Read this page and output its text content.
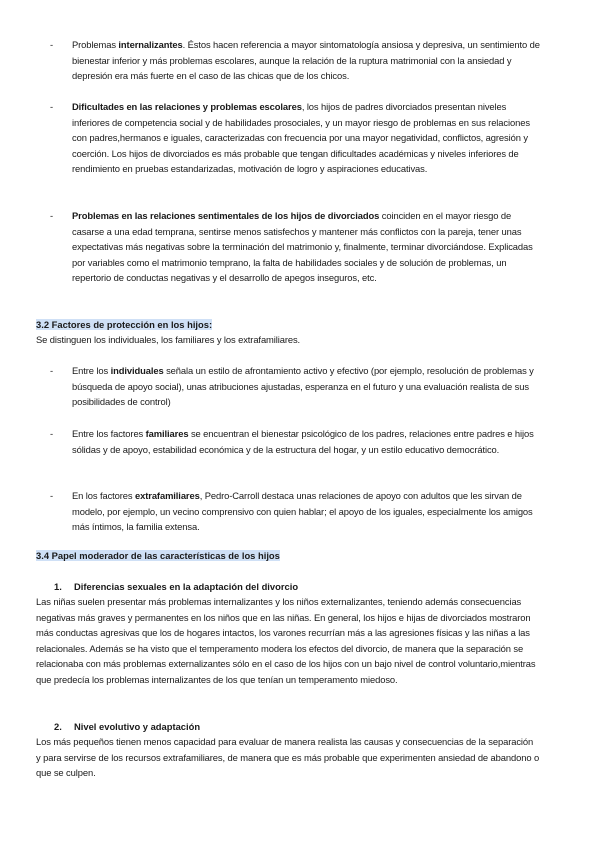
- Problemas internalizantes. Éstos hacen referencia a mayor sintomatología ansiosa y depresiva, un sentimiento de bienestar inferior y más problemas escolares, aunque la relación de la ruptura matrimonial con la ansiedad y depresión era más fuerte en el caso de las chicas que de los chicos.
- Dificultades en las relaciones y problemas escolares, los hijos de padres divorciados presentan niveles inferiores de competencia social y de habilidades prosociales, y un mayor riesgo de problemas en sus relaciones con padres,hermanos e iguales, caracterizadas con frecuencia por una mayor negatividad, conflictos, agresión y coerción. Los hijos de divorciados es más probable que tengan dificultades académicas y niveles inferiores de rendimiento en pruebas estandarizadas, motivación de logro y aspiraciones educativas.
- Problemas en las relaciones sentimentales de los hijos de divorciados coinciden en el mayor riesgo de casarse a una edad temprana, sentirse menos satisfechos y mantener más conflictos con la pareja, tener unas expectativas más negativas sobre la terminación del matrimonio y, finalmente, terminar divorciándose. Explicadas por variables como el matrimonio temprano, la falta de habilidades sociales y de solución de problemas, un repertorio de conductas negativas y el desarrollo de apegos inseguros, etc.
3.2 Factores de protección en los hijos:
Se distinguen los individuales, los familiares y los extrafamiliares.
- Entre los individuales señala un estilo de afrontamiento activo y efectivo (por ejemplo, resolución de problemas y búsqueda de apoyo social), unas atribuciones ajustadas, esperanza en el futuro y una evaluación realista de sus posibilidades de control)
- Entre los factores familiares se encuentran el bienestar psicológico de los padres, relaciones entre padres e hijos sólidas y de apoyo, estabilidad económica y de la estructura del hogar, y un estilo educativo democrático.
- En los factores extrafamiliares, Pedro-Carroll destaca unas relaciones de apoyo con adultos que les sirvan de modelo, por ejemplo, un vecino comprensivo con quien hablar; el apoyo de los iguales, especialmente los amigos más íntimos, la familia extensa.
3.4 Papel moderador de las características de los hijos
1. Diferencias sexuales en la adaptación del divorcio
Las niñas suelen presentar más problemas internalizantes y los niños externalizantes, teniendo además consecuencias negativas más graves y permanentes en los niños que en las niñas. En general, los hijos e hijas de divorciados mostraron más conductas agresivas que los de hogares intactos, los varones recurrían más a las agresiones físicas y las niñas a las relacionales. Además se ha visto que el temperamento modera los efectos del divorcio, de manera que la separación se relacionaba con más problemas externalizantes sólo en el caso de los hijos con un bajo nivel de control voluntario,mientras que predecía los problemas internalizantes de los que tenían un temperamento miedoso.
2. Nivel evolutivo y adaptación
Los más pequeños tienen menos capacidad para evaluar de manera realista las causas y consecuencias de la separación y para servirse de los recursos extrafamiliares, de manera que es más probable que experimenten ansiedad de abandono o que se culpen.
